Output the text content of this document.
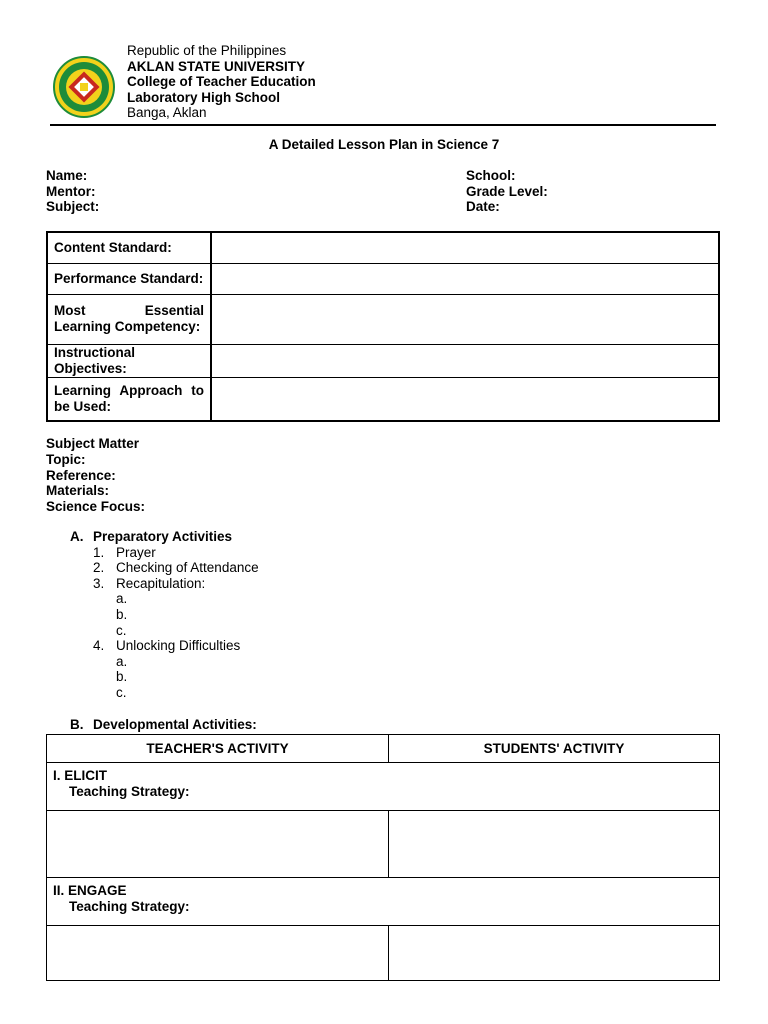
Republic of the Philippines
AKLAN STATE UNIVERSITY
College of Teacher Education
Laboratory High School
Banga, Aklan
A Detailed Lesson Plan in Science 7
Name:
Mentor:
Subject:
School:
Grade Level:
Date:
Content Standard:	
Performance Standard:	
Most Essential Learning Competency:	
Instructional Objectives:	
Learning Approach to be Used:	
Subject Matter
Topic:
Reference:
Materials:
Science Focus:
A. Preparatory Activities
1. Prayer
2. Checking of Attendance
3. Recapitulation:
a.
b.
c.
4. Unlocking Difficulties
a.
b.
c.
B. Developmental Activities:
TEACHER'S ACTIVITY	STUDENTS' ACTIVITY

I. ELICIT
Teaching Strategy:	

II. ENGAGE
Teaching Strategy:	
